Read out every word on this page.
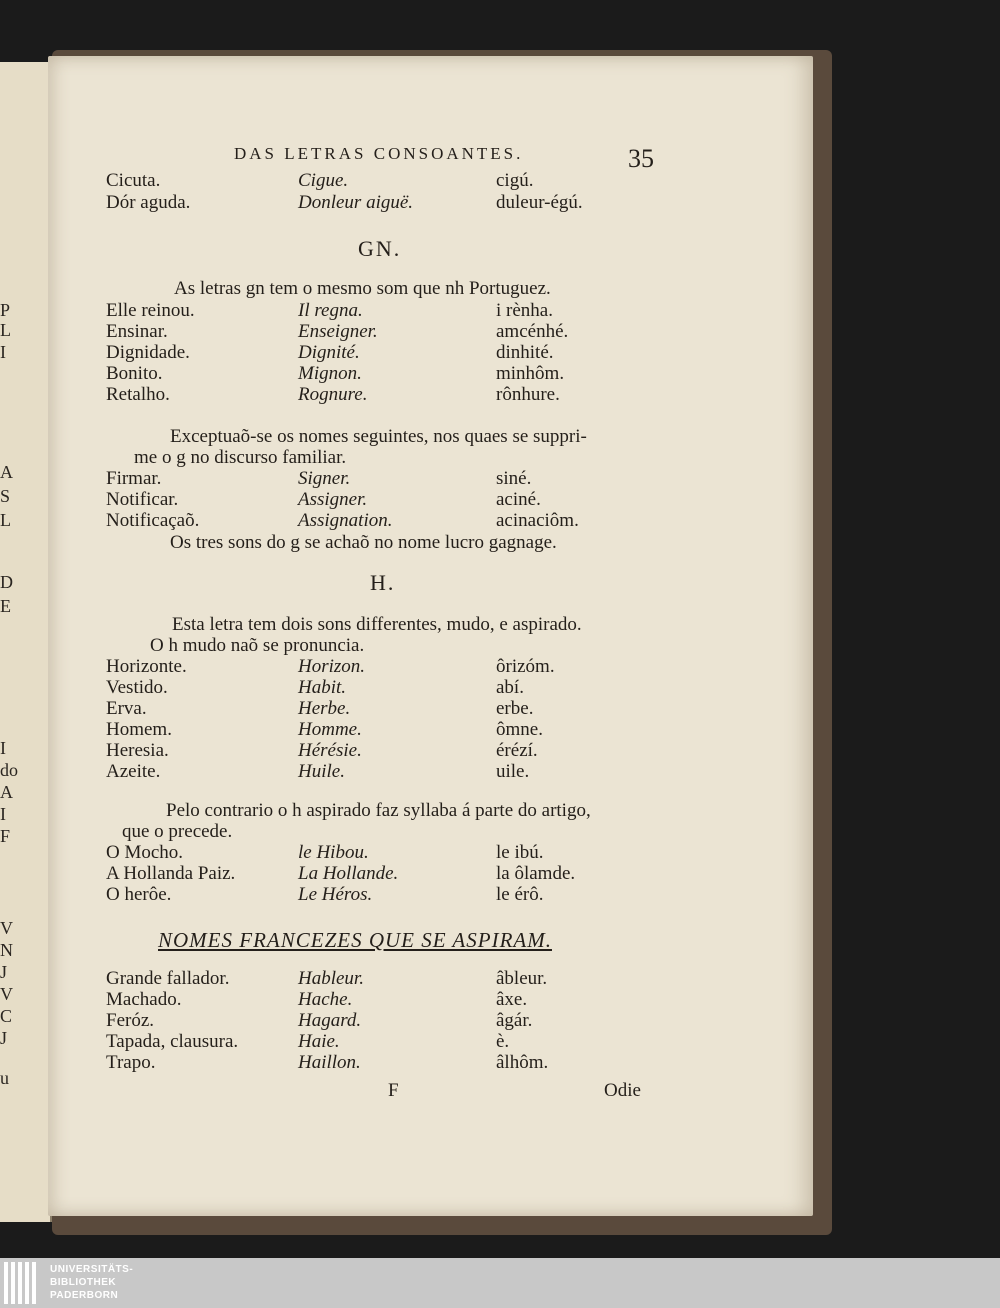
P
L
I
A
S
L
D
E
I
do
A
I
F
V
N
J
V
C
J
u
DAS LETRAS CONSOANTES.	35
Cicuta.	Cigue.	cigú.
Dór aguda.	Donleur aiguë.	duleur-égú.
GN.
As letras gn tem o mesmo som que nh Portuguez.
Elle reinou.	Il regna.	i rènha.
Ensinar.	Enseigner.	amcénhé.
Dignidade.	Dignité.	dinhité.
Bonito.	Mignon.	minhôm.
Retalho.	Rognure.	rônhure.
Exceptuaõ-se os nomes seguintes, nos quaes se suppri-
me o g no discurso familiar.
Firmar.	Signer.	siné.
Notificar.	Assigner.	aciné.
Notificaçaõ.	Assignation.	acinaciôm.
Os tres sons do g se achaõ no nome lucro gagnage.
H.
Esta letra tem dois sons differentes, mudo, e aspirado.
O h mudo naõ se pronuncia.
Horizonte.	Horizon.	ôrizóm.
Vestido.	Habit.	abí.
Erva.	Herbe.	erbe.
Homem.	Homme.	ômne.
Heresia.	Hérésie.	érézí.
Azeite.	Huile.	uile.
Pelo contrario o h aspirado faz syllaba á parte do artigo,
que o precede.
O Mocho.	le Hibou.	le ibú.
A Hollanda Paiz.	La Hollande.	la ôlamde.
O herôe.	Le Héros.	le érô.
NOMES FRANCEZES QUE SE ASPIRAM.
Grande fallador.	Hableur.	âbleur.
Machado.	Hache.	âxe.
Feróz.	Hagard.	âgár.
Tapada, clausura.	Haie.	è.
Trapo.	Haillon.	âlhôm.
F	Odie
UNIVERSITÄTS-
BIBLIOTHEK
PADERBORN
